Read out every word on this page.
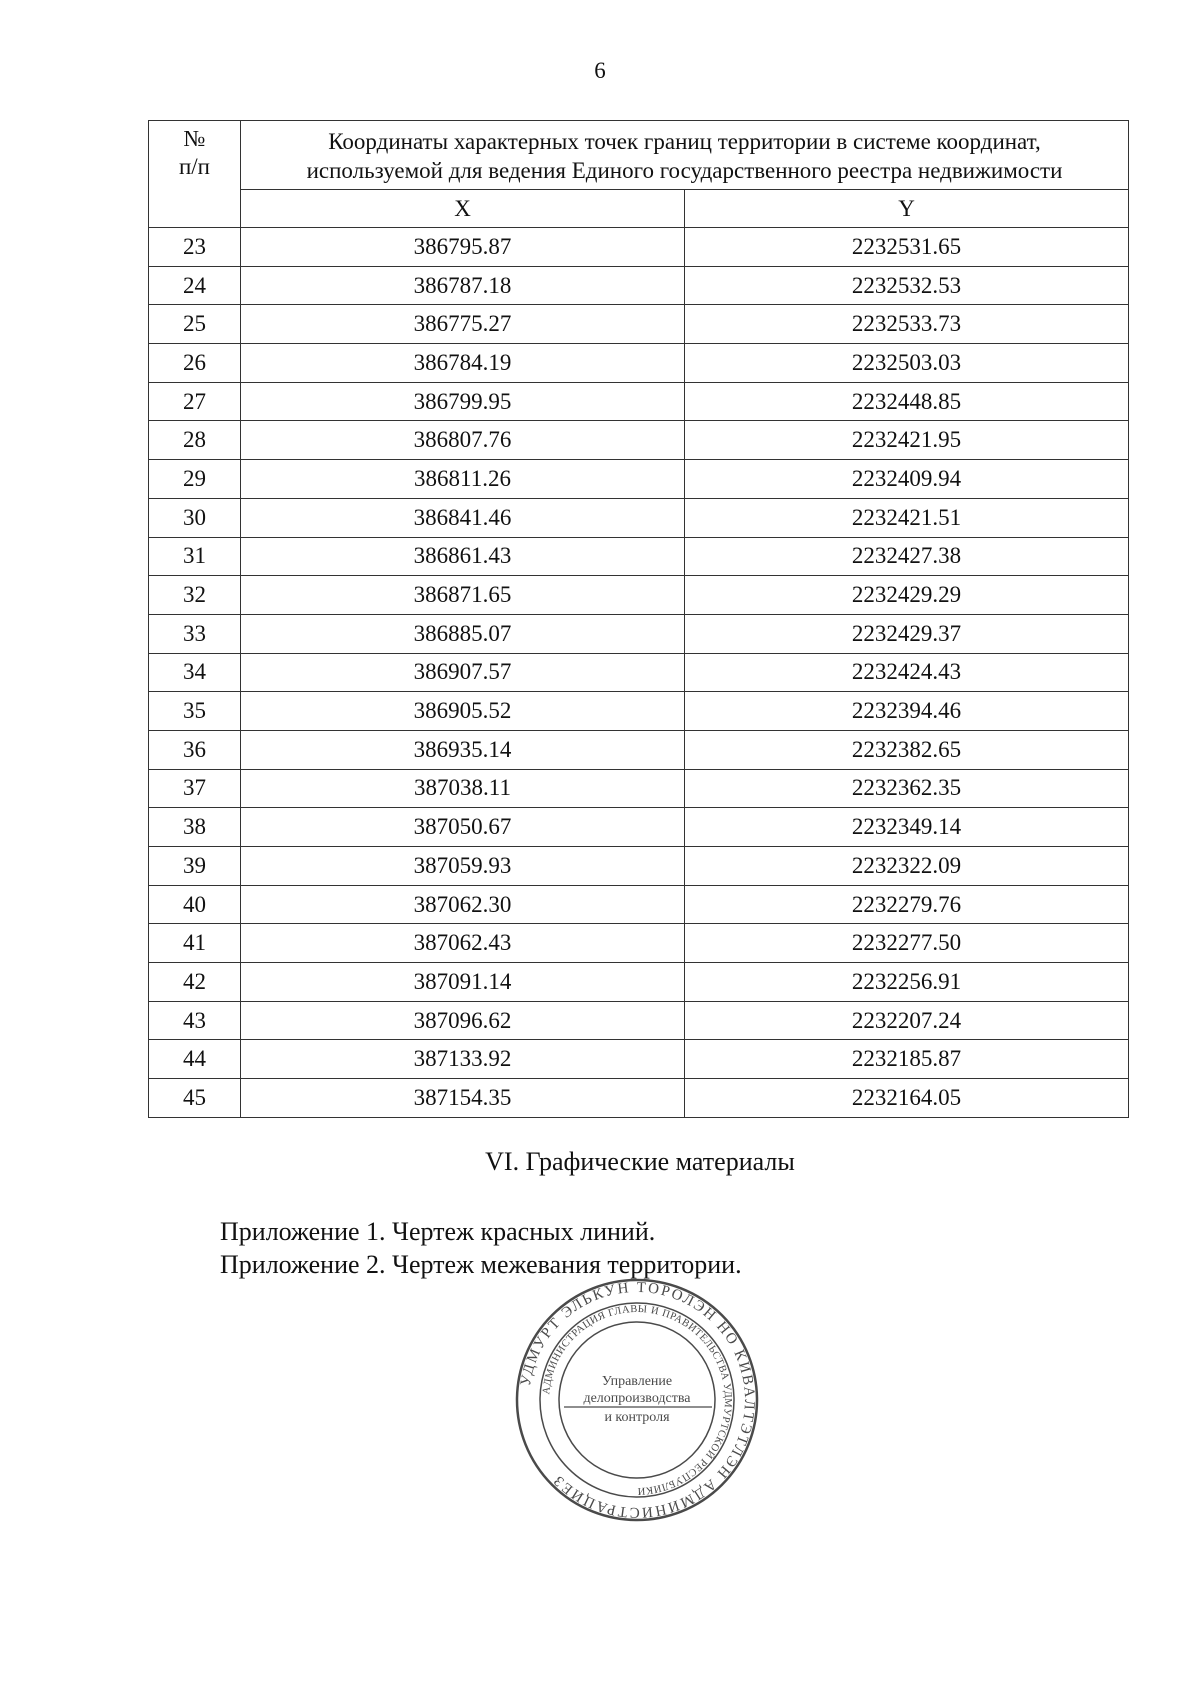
6
№
п/п	Координаты характерных точек границ территории в системе координат,
используемой для ведения Единого государственного реестра недвижимости	

	X	Y
23	386795.87	2232531.65
24	386787.18	2232532.53
25	386775.27	2232533.73
26	386784.19	2232503.03
27	386799.95	2232448.85
28	386807.76	2232421.95
29	386811.26	2232409.94
30	386841.46	2232421.51
31	386861.43	2232427.38
32	386871.65	2232429.29
33	386885.07	2232429.37
34	386907.57	2232424.43
35	386905.52	2232394.46
36	386935.14	2232382.65
37	387038.11	2232362.35
38	387050.67	2232349.14
39	387059.93	2232322.09
40	387062.30	2232279.76
41	387062.43	2232277.50
42	387091.14	2232256.91
43	387096.62	2232207.24
44	387133.92	2232185.87
45	387154.35	2232164.05
VI. Графические материалы
Приложение 1. Чертеж красных линий.
Приложение 2. Чертеж межевания территории.
УДМУРТ ЭЛЬКУН ТОРОЛЭН НО КИВАЛТЭТЛЭН АДМИНИСТРАЦИЕЗ
АДМИНИСТРАЦИЯ ГЛАВЫ И ПРАВИТЕЛЬСТВА УДМУРТСКОЙ РЕСПУБЛИКИ
Управление
делопроизводства
и контроля
